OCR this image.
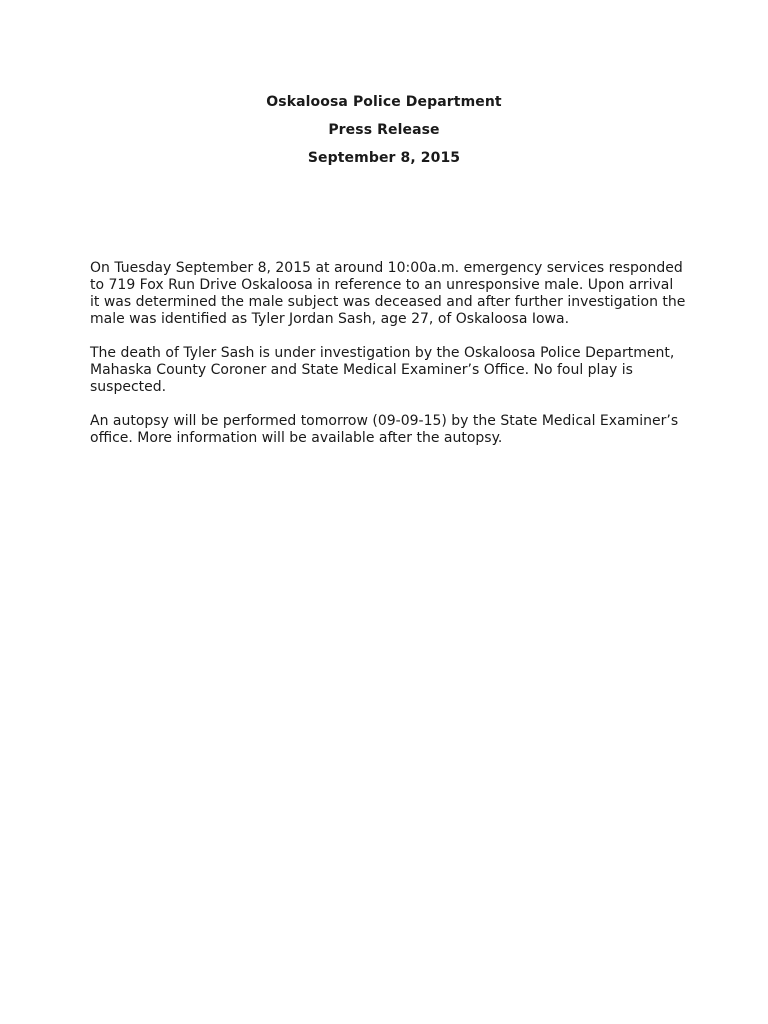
Oskaloosa Police Department

Press Release

September 8, 2015

On Tuesday September 8, 2015 at around 10:00a.m. emergency services responded
to 719 Fox Run Drive Oskaloosa in reference to an unresponsive male. Upon arrival
it was determined the male subject was deceased and after further investigation the
male was identified as Tyler Jordan Sash, age 27, of Oskaloosa Iowa.

The death of Tyler Sash is under investigation by the Oskaloosa Police Department,
Mahaska County Coroner and State Medical Examiner’s Office. No foul play is
suspected.

An autopsy will be performed tomorrow (09-09-15) by the State Medical Examiner’s
office. More information will be available after the autopsy.
